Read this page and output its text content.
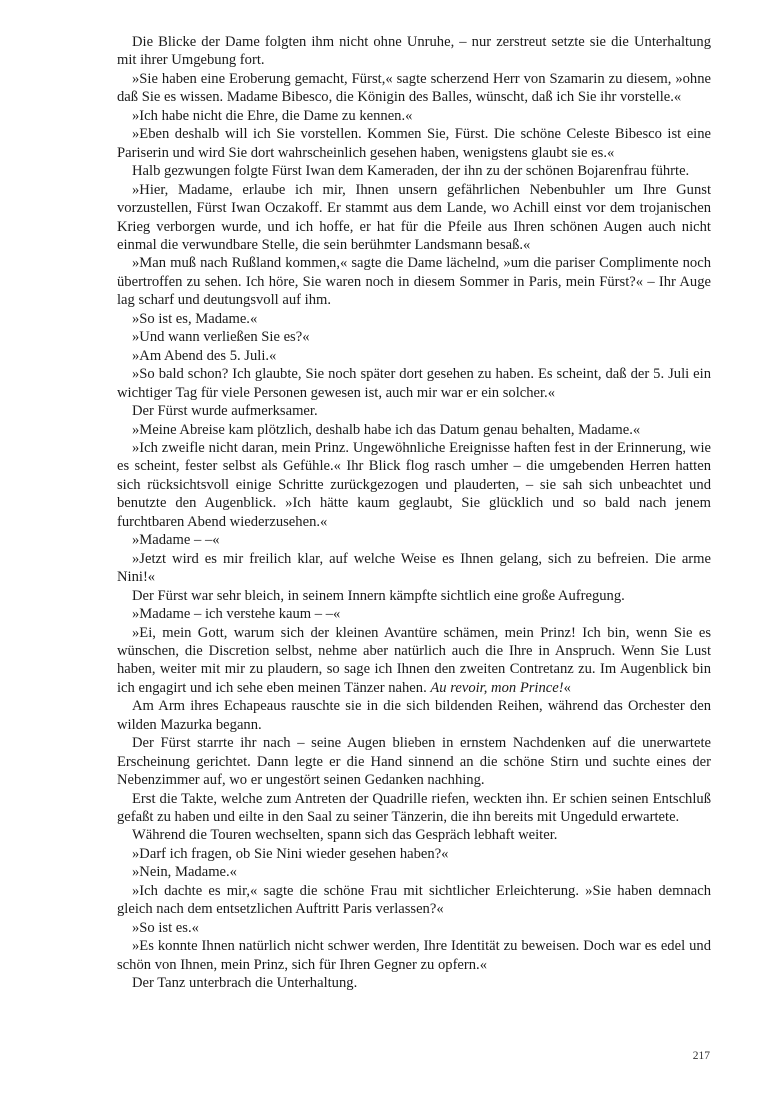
Die Blicke der Dame folgten ihm nicht ohne Unruhe, – nur zerstreut setzte sie die Unterhaltung mit ihrer Umgebung fort.

»Sie haben eine Eroberung gemacht, Fürst,« sagte scherzend Herr von Szamarin zu diesem, »ohne daß Sie es wissen. Madame Bibesco, die Königin des Balles, wünscht, daß ich Sie ihr vorstelle.«

»Ich habe nicht die Ehre, die Dame zu kennen.«

»Eben deshalb will ich Sie vorstellen. Kommen Sie, Fürst. Die schöne Celeste Bibesco ist eine Pariserin und wird Sie dort wahrscheinlich gesehen haben, wenigstens glaubt sie es.«

Halb gezwungen folgte Fürst Iwan dem Kameraden, der ihn zu der schönen Bojarenfrau führte.

»Hier, Madame, erlaube ich mir, Ihnen unsern gefährlichen Nebenbuhler um Ihre Gunst vorzustellen, Fürst Iwan Oczakoff. Er stammt aus dem Lande, wo Achill einst vor dem trojanischen Krieg verborgen wurde, und ich hoffe, er hat für die Pfeile aus Ihren schönen Augen auch nicht einmal die verwundbare Stelle, die sein berühmter Landsmann besaß.«

»Man muß nach Rußland kommen,« sagte die Dame lächelnd, »um die pariser Complimente noch übertroffen zu sehen. Ich höre, Sie waren noch in diesem Sommer in Paris, mein Fürst?« – Ihr Auge lag scharf und deutungsvoll auf ihm.

»So ist es, Madame.«

»Und wann verließen Sie es?«

»Am Abend des 5. Juli.«

»So bald schon? Ich glaubte, Sie noch später dort gesehen zu haben. Es scheint, daß der 5. Juli ein wichtiger Tag für viele Personen gewesen ist, auch mir war er ein solcher.«

Der Fürst wurde aufmerksamer.

»Meine Abreise kam plötzlich, deshalb habe ich das Datum genau behalten, Madame.«

»Ich zweifle nicht daran, mein Prinz. Ungewöhnliche Ereignisse haften fest in der Erinnerung, wie es scheint, fester selbst als Gefühle.« Ihr Blick flog rasch umher – die umgebenden Herren hatten sich rücksichtsvoll einige Schritte zurückgezogen und plauderten, – sie sah sich unbeachtet und benutzte den Augenblick. »Ich hätte kaum geglaubt, Sie glücklich und so bald nach jenem furchtbaren Abend wiederzusehen.«

»Madame – –«

»Jetzt wird es mir freilich klar, auf welche Weise es Ihnen gelang, sich zu befreien. Die arme Nini!«

Der Fürst war sehr bleich, in seinem Innern kämpfte sichtlich eine große Aufregung.

»Madame – ich verstehe kaum – –«

»Ei, mein Gott, warum sich der kleinen Avantüre schämen, mein Prinz! Ich bin, wenn Sie es wünschen, die Discretion selbst, nehme aber natürlich auch die Ihre in Anspruch. Wenn Sie Lust haben, weiter mit mir zu plaudern, so sage ich Ihnen den zweiten Contretanz zu. Im Augenblick bin ich engagirt und ich sehe eben meinen Tänzer nahen. Au revoir, mon Prince!«

Am Arm ihres Echapeaus rauschte sie in die sich bildenden Reihen, während das Orchester den wilden Mazurka begann.

Der Fürst starrte ihr nach – seine Augen blieben in ernstem Nachdenken auf die unerwartete Erscheinung gerichtet. Dann legte er die Hand sinnend an die schöne Stirn und suchte eines der Nebenzimmer auf, wo er ungestört seinen Gedanken nachhing.

Erst die Takte, welche zum Antreten der Quadrille riefen, weckten ihn. Er schien seinen Entschluß gefaßt zu haben und eilte in den Saal zu seiner Tänzerin, die ihn bereits mit Ungeduld erwartete.

Während die Touren wechselten, spann sich das Gespräch lebhaft weiter.

»Darf ich fragen, ob Sie Nini wieder gesehen haben?«

»Nein, Madame.«

»Ich dachte es mir,« sagte die schöne Frau mit sichtlicher Erleichterung. »Sie haben demnach gleich nach dem entsetzlichen Auftritt Paris verlassen?«

»So ist es.«

»Es konnte Ihnen natürlich nicht schwer werden, Ihre Identität zu beweisen. Doch war es edel und schön von Ihnen, mein Prinz, sich für Ihren Gegner zu opfern.«

Der Tanz unterbrach die Unterhaltung.

217
